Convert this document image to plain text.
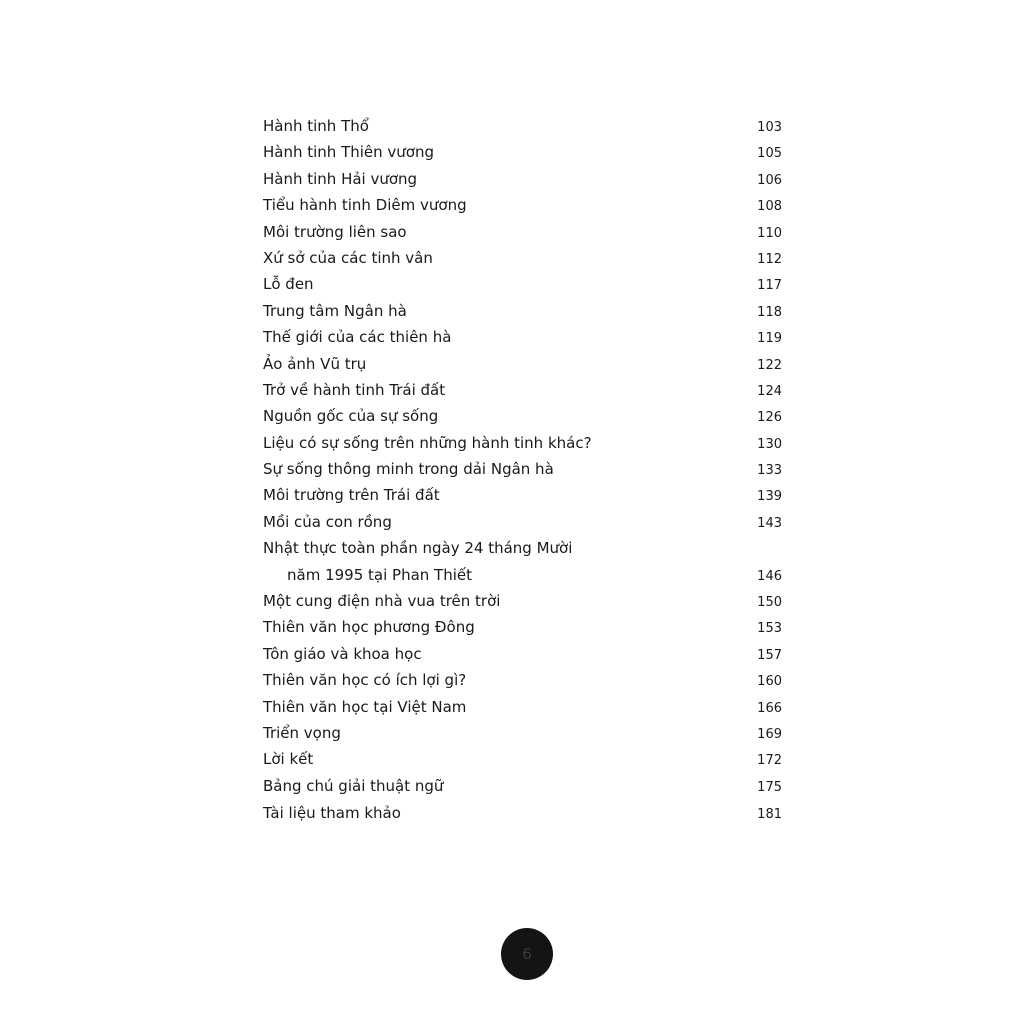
Hành tinh Thổ .....	103
Hành tinh Thiên vương .....	105
Hành tinh Hải vương .....	106
Tiểu hành tinh Diêm vương .....	108
Môi trường liên sao .....	110
Xứ sở của các tinh vân .....	112
Lỗ đen .....	117
Trung tâm Ngân hà .....	118
Thế giới của các thiên hà .....	119
Ảo ảnh Vũ trụ .....	122
Trở về hành tinh Trái đất .....	124
Nguồn gốc của sự sống .....	126
Liệu có sự sống trên những hành tinh khác? .....	130
Sự sống thông minh trong dải Ngân hà .....	133
Môi trường trên Trái đất .....	139
Mồi của con rồng .....	143
Nhật thực toàn phần ngày 24 tháng Mười
năm 1995 tại Phan Thiết .....	146
Một cung điện nhà vua trên trời .....	150
Thiên văn học phương Đông .....	153
Tôn giáo và khoa học .....	157
Thiên văn học có ích lợi gì? .....	160
Thiên văn học tại Việt Nam .....	166
Triển vọng .....	169
Lời kết .....	172
Bảng chú giải thuật ngữ .....	175
Tài liệu tham khảo .....	181
6
